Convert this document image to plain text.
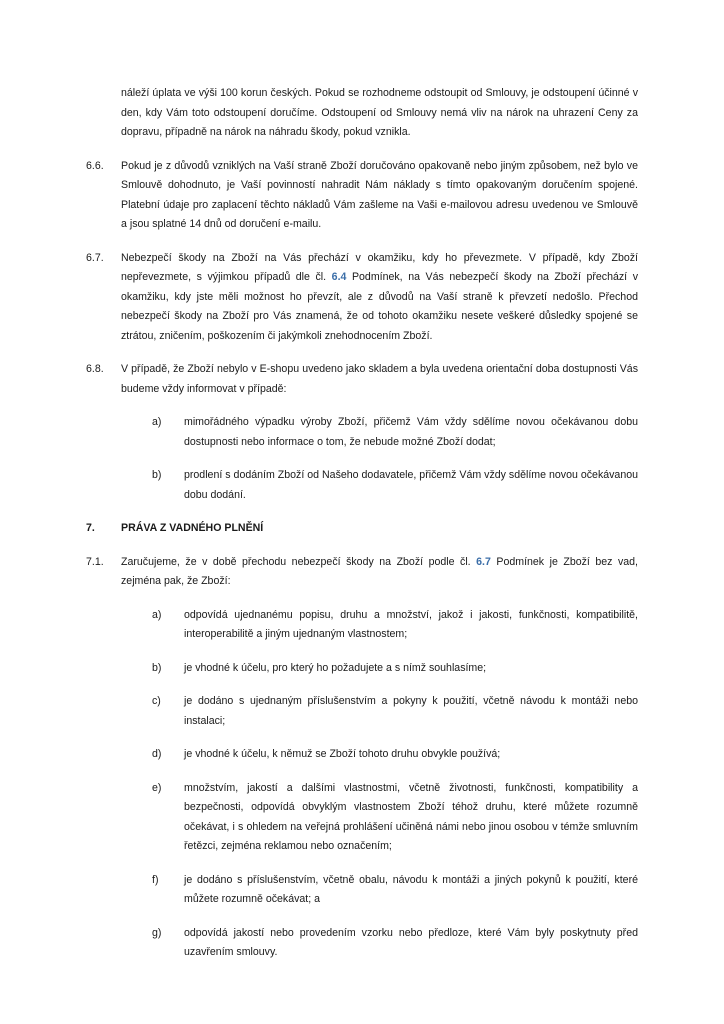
náleží úplata ve výši 100 korun českých. Pokud se rozhodneme odstoupit od Smlouvy, je odstoupení účinné v den, kdy Vám toto odstoupení doručíme. Odstoupení od Smlouvy nemá vliv na nárok na uhrazení Ceny za dopravu, případně na nárok na náhradu škody, pokud vznikla.
6.6.	Pokud je z důvodů vzniklých na Vaší straně Zboží doručováno opakovaně nebo jiným způsobem, než bylo ve Smlouvě dohodnuto, je Vaší povinností nahradit Nám náklady s tímto opakovaným doručením spojené. Platební údaje pro zaplacení těchto nákladů Vám zašleme na Vaši e-mailovou adresu uvedenou ve Smlouvě a jsou splatné 14 dnů od doručení e-mailu.
6.7.	Nebezpečí škody na Zboží na Vás přechází v okamžiku, kdy ho převezmete. V případě, kdy Zboží nepřevezmete, s výjimkou případů dle čl. 6.4 Podmínek, na Vás nebezpečí škody na Zboží přechází v okamžiku, kdy jste měli možnost ho převzít, ale z důvodů na Vaší straně k převzetí nedošlo. Přechod nebezpečí škody na Zboží pro Vás znamená, že od tohoto okamžiku nesete veškeré důsledky spojené se ztrátou, zničením, poškozením či jakýmkoli znehodnocením Zboží.
6.8.	V případě, že Zboží nebylo v E-shopu uvedeno jako skladem a byla uvedena orientační doba dostupnosti Vás budeme vždy informovat v případě:
a)	mimořádného výpadku výroby Zboží, přičemž Vám vždy sdělíme novou očekávanou dobu dostupnosti nebo informace o tom, že nebude možné Zboží dodat;
b)	prodlení s dodáním Zboží od Našeho dodavatele, přičemž Vám vždy sdělíme novou očekávanou dobu dodání.
7.	PRÁVA Z VADNÉHO PLNĚNÍ
7.1.	Zaručujeme, že v době přechodu nebezpečí škody na Zboží podle čl. 6.7 Podmínek je Zboží bez vad, zejména pak, že Zboží:
a)	odpovídá ujednanému popisu, druhu a množství, jakož i jakosti, funkčnosti, kompatibilitě, interoperabilitě a jiným ujednaným vlastnostem;
b)	je vhodné k účelu, pro který ho požadujete a s nímž souhlasíme;
c)	je dodáno s ujednaným příslušenstvím a pokyny k použití, včetně návodu k montáži nebo instalaci;
d)	je vhodné k účelu, k němuž se Zboží tohoto druhu obvykle používá;
e)	množstvím, jakostí a dalšími vlastnostmi, včetně životnosti, funkčnosti, kompatibility a bezpečnosti, odpovídá obvyklým vlastnostem Zboží téhož druhu, které můžete rozumně očekávat, i s ohledem na veřejná prohlášení učiněná námi nebo jinou osobou v témže smluvním řetězci, zejména reklamou nebo označením;
f)	je dodáno s příslušenstvím, včetně obalu, návodu k montáži a jiných pokynů k použití, které můžete rozumně očekávat; a
g)	odpovídá jakostí nebo provedením vzorku nebo předloze, které Vám byly poskytnuty před uzavřením smlouvy.
